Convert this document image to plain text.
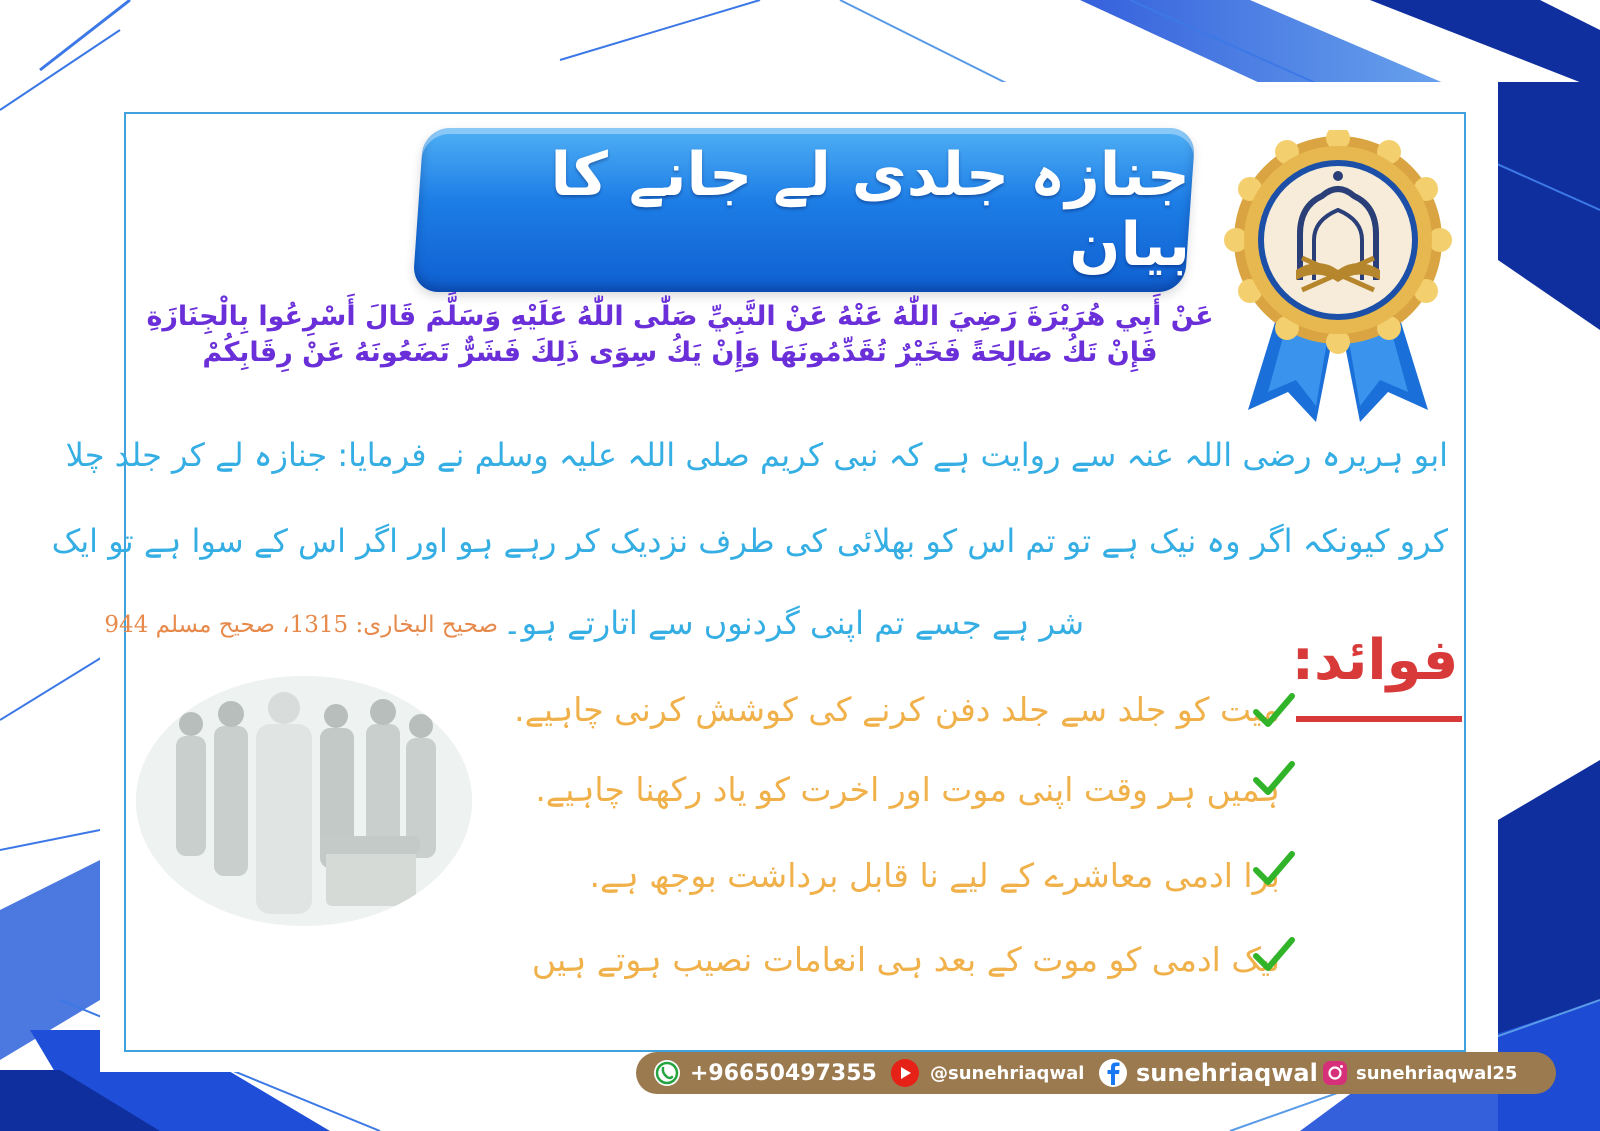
جنازہ جلدی لے جانے کا بیان
عَنْ أَبِي هُرَيْرَةَ رَضِيَ اللّٰهُ عَنْهُ عَنْ النَّبِيِّ صَلّٰى اللّٰهُ عَلَيْهِ وَسَلَّمَ قَالَ أَسْرِعُوا بِالْجِنَازَةِ
فَإِنْ تَكُ صَالِحَةً فَخَيْرٌ تُقَدِّمُونَهَا وَإِنْ يَكُ سِوَى ذَلِكَ فَشَرٌّ تَضَعُونَهُ عَنْ رِقَابِكُمْ
ابو ہریرہ رضی اللہ عنہ سے روایت ہے کہ نبی کریم صلی اللہ علیہ وسلم نے فرمایا: جنازہ لے کر جلد چلا
کرو کیونکہ اگر وہ نیک ہے تو تم اس کو بھلائی کی طرف نزدیک کر رہے ہو اور اگر اس کے سوا ہے تو ایک
شر ہے جسے تم اپنی گردنوں سے اتارتے ہو۔
صحیح البخاری: 1315، صحیح مسلم 944
فوائد:
میت کو جلد سے جلد دفن کرنے کی کوشش کرنی چاہیے.
ہمیں ہر وقت اپنی موت اور اخرت کو یاد رکھنا چاہیے.
برا ادمی معاشرے کے لیے نا قابل برداشت بوجھ ہے.
نیک ادمی کو موت کے بعد ہی انعامات نصیب ہوتے ہیں
+96650497355	@sunehriaqwal sunehriaqwal sunehriaqwal25
